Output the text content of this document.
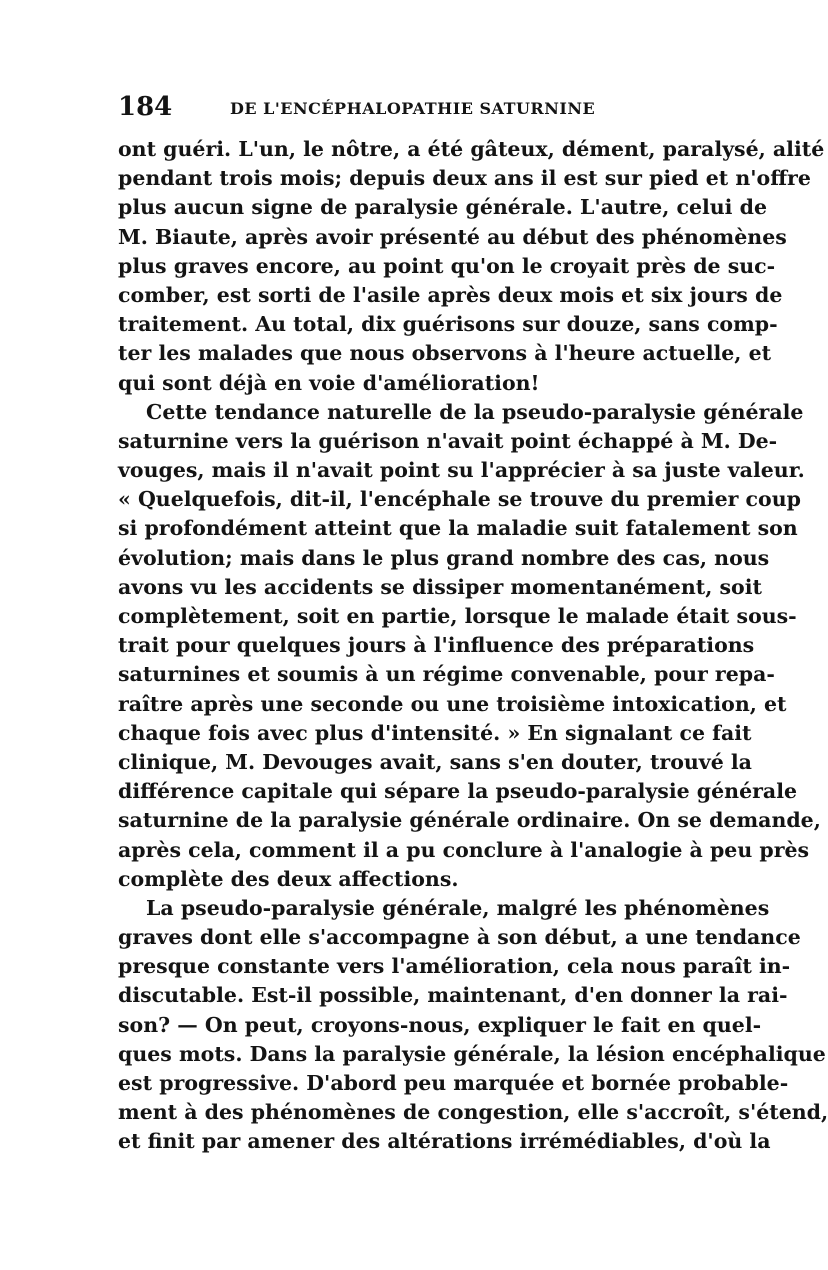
184	DE L'ENCÉPHALOPATHIE SATURNINE
ont guéri. L'un, le nôtre, a été gâteux, dément, paralysé, alité
pendant trois mois; depuis deux ans il est sur pied et n'offre
plus aucun signe de paralysie générale. L'autre, celui de
M. Biaute, après avoir présenté au début des phénomènes
plus graves encore, au point qu'on le croyait près de suc-
comber, est sorti de l'asile après deux mois et six jours de
traitement. Au total, dix guérisons sur douze, sans comp-
ter les malades que nous observons à l'heure actuelle, et
qui sont déjà en voie d'amélioration!
Cette tendance naturelle de la pseudo-paralysie générale
saturnine vers la guérison n'avait point échappé à M. De-
vouges, mais il n'avait point su l'apprécier à sa juste valeur.
« Quelquefois, dit-il, l'encéphale se trouve du premier coup
si profondément atteint que la maladie suit fatalement son
évolution; mais dans le plus grand nombre des cas, nous
avons vu les accidents se dissiper momentanément, soit
complètement, soit en partie, lorsque le malade était sous-
trait pour quelques jours à l'influence des préparations
saturnines et soumis à un régime convenable, pour repa-
raître après une seconde ou une troisième intoxication, et
chaque fois avec plus d'intensité. » En signalant ce fait
clinique, M. Devouges avait, sans s'en douter, trouvé la
différence capitale qui sépare la pseudo-paralysie générale
saturnine de la paralysie générale ordinaire. On se demande,
après cela, comment il a pu conclure à l'analogie à peu près
complète des deux affections.
La pseudo-paralysie générale, malgré les phénomènes
graves dont elle s'accompagne à son début, a une tendance
presque constante vers l'amélioration, cela nous paraît in-
discutable. Est-il possible, maintenant, d'en donner la rai-
son? — On peut, croyons-nous, expliquer le fait en quel-
ques mots. Dans la paralysie générale, la lésion encéphalique
est progressive. D'abord peu marquée et bornée probable-
ment à des phénomènes de congestion, elle s'accroît, s'étend,
et finit par amener des altérations irrémédiables, d'où la
